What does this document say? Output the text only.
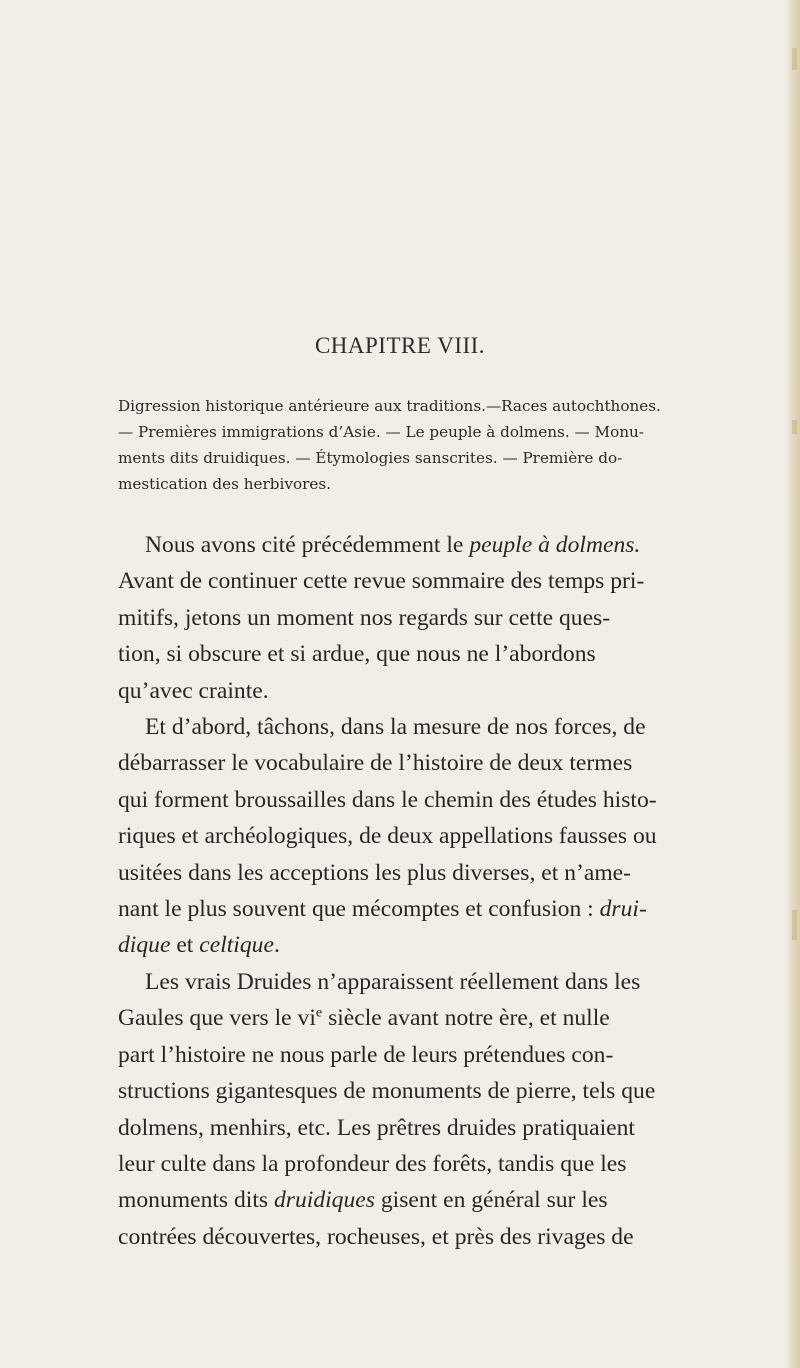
CHAPITRE VIII.
Digression historique antérieure aux traditions.—Races autochthones.
— Premières immigrations d’Asie. — Le peuple à dolmens. — Monu-
ments dits druidiques. — Étymologies sanscrites. — Première do-
mestication des herbivores.
Nous avons cité précédemment le peuple à dolmens.
Avant de continuer cette revue sommaire des temps pri-
mitifs, jetons un moment nos regards sur cette ques-
tion, si obscure et si ardue, que nous ne l’abordons
qu’avec crainte.
Et d’abord, tâchons, dans la mesure de nos forces, de
débarrasser le vocabulaire de l’histoire de deux termes
qui forment broussailles dans le chemin des études histo-
riques et archéologiques, de deux appellations fausses ou
usitées dans les acceptions les plus diverses, et n’ame-
nant le plus souvent que mécomptes et confusion : drui-
dique et celtique.
Les vrais Druides n’apparaissent réellement dans les
Gaules que vers le $vi^e$ siècle avant notre ère, et nulle
part l’histoire ne nous parle de leurs prétendues con-
structions gigantesques de monuments de pierre, tels que
dolmens, menhirs, etc. Les prêtres druides pratiquaient
leur culte dans la profondeur des forêts, tandis que les
monuments dits druidiques gisent en général sur les
contrées découvertes, rocheuses, et près des rivages de
